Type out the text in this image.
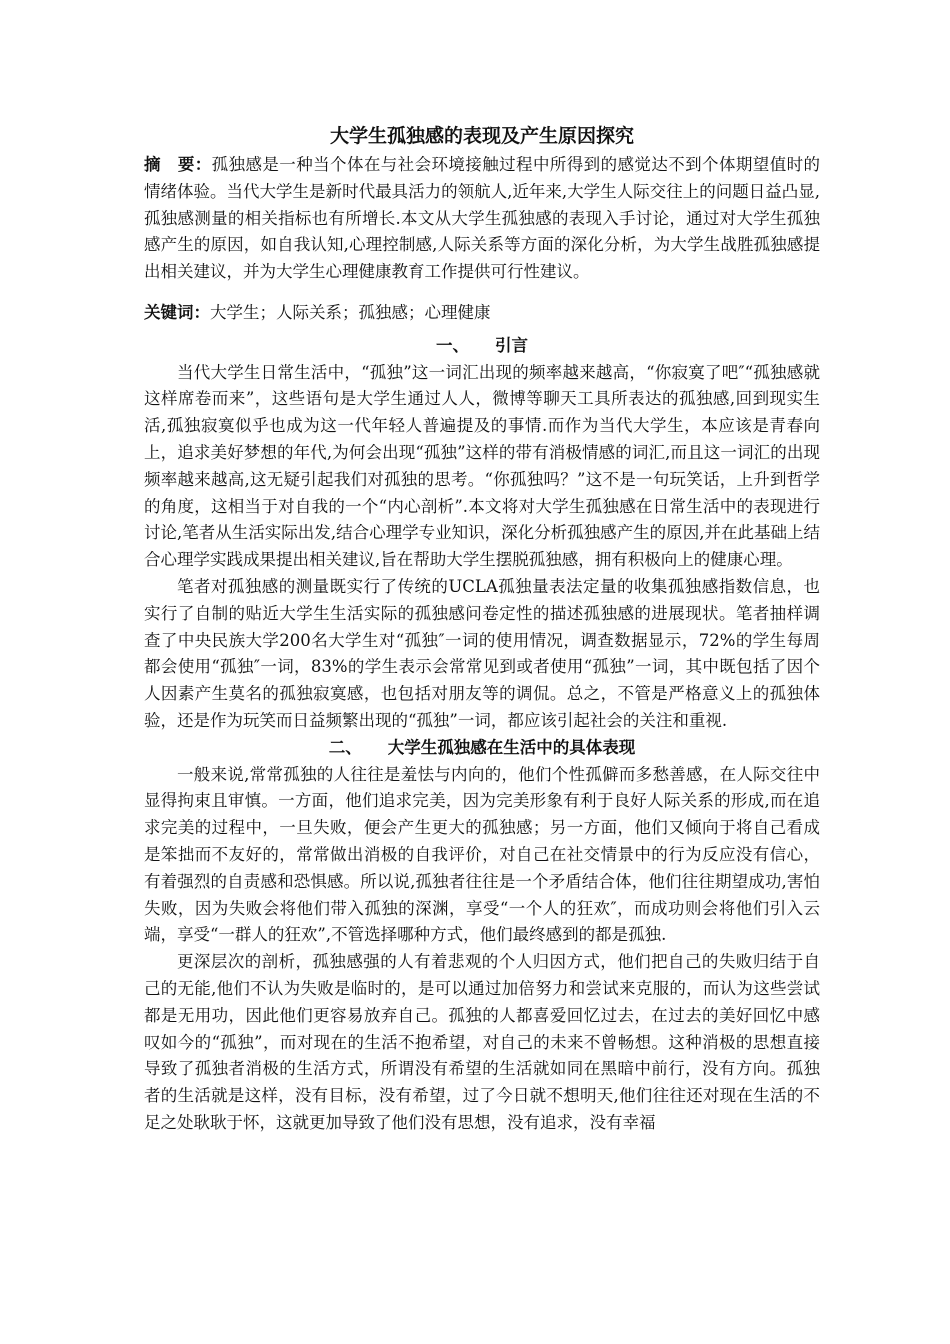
大学生孤独感的表现及产生原因探究

摘　要：孤独感是一种当个体在与社会环境接触过程中所得到的感觉达不到个体期望值时的情绪体验。当代大学生是新时代最具活力的领航人,近年来,大学生人际交往上的问题日益凸显,孤独感测量的相关指标也有所增长.本文从大学生孤独感的表现入手讨论，通过对大学生孤独感产生的原因，如自我认知,心理控制感,人际关系等方面的深化分析，为大学生战胜孤独感提出相关建议，并为大学生心理健康教育工作提供可行性建议。

关键词：大学生；人际关系；孤独感；心理健康

一、 引言

当代大学生日常生活中，“孤独”这一词汇出现的频率越来越高，“你寂寞了吧″“孤独感就这样席卷而来”，这些语句是大学生通过人人，微博等聊天工具所表达的孤独感,回到现实生活,孤独寂寞似乎也成为这一代年轻人普遍提及的事情.而作为当代大学生，本应该是青春向上，追求美好梦想的年代,为何会出现“孤独”这样的带有消极情感的词汇,而且这一词汇的出现频率越来越高,这无疑引起我们对孤独的思考。“你孤独吗？”这不是一句玩笑话，上升到哲学的角度，这相当于对自我的一个“内心剖析”.本文将对大学生孤独感在日常生活中的表现进行讨论,笔者从生活实际出发,结合心理学专业知识，深化分析孤独感产生的原因,并在此基础上结合心理学实践成果提出相关建议,旨在帮助大学生摆脱孤独感，拥有积极向上的健康心理。

笔者对孤独感的测量既实行了传统的UCLA孤独量表法定量的收集孤独感指数信息，也实行了自制的贴近大学生生活实际的孤独感问卷定性的描述孤独感的进展现状。笔者抽样调查了中央民族大学200名大学生对“孤独″一词的使用情况，调查数据显示，72%的学生每周都会使用“孤独″一词，83%的学生表示会常常见到或者使用“孤独”一词，其中既包括了因个人因素产生莫名的孤独寂寞感，也包括对朋友等的调侃。总之，不管是严格意义上的孤独体验，还是作为玩笑而日益频繁出现的“孤独”一词，都应该引起社会的关注和重视.

二、 大学生孤独感在生活中的具体表现

一般来说,常常孤独的人往往是羞怯与内向的，他们个性孤僻而多愁善感，在人际交往中显得拘束且审慎。一方面，他们追求完美，因为完美形象有利于良好人际关系的形成,而在追求完美的过程中，一旦失败，便会产生更大的孤独感；另一方面，他们又倾向于将自己看成是笨拙而不友好的，常常做出消极的自我评价，对自己在社交情景中的行为反应没有信心，有着强烈的自责感和恐惧感。所以说,孤独者往往是一个矛盾结合体，他们往往期望成功,害怕失败，因为失败会将他们带入孤独的深渊，享受“一个人的狂欢″，而成功则会将他们引入云端，享受“一群人的狂欢”,不管选择哪种方式，他们最终感到的都是孤独.

更深层次的剖析，孤独感强的人有着悲观的个人归因方式，他们把自己的失败归结于自己的无能,他们不认为失败是临时的，是可以通过加倍努力和尝试来克服的，而认为这些尝试都是无用功，因此他们更容易放弃自己。孤独的人都喜爱回忆过去，在过去的美好回忆中感叹如今的“孤独”，而对现在的生活不抱希望，对自己的未来不曾畅想。这种消极的思想直接导致了孤独者消极的生活方式，所谓没有希望的生活就如同在黑暗中前行，没有方向。孤独者的生活就是这样，没有目标，没有希望，过了今日就不想明天,他们往往还对现在生活的不足之处耿耿于怀，这就更加导致了他们没有思想，没有追求，没有幸福
